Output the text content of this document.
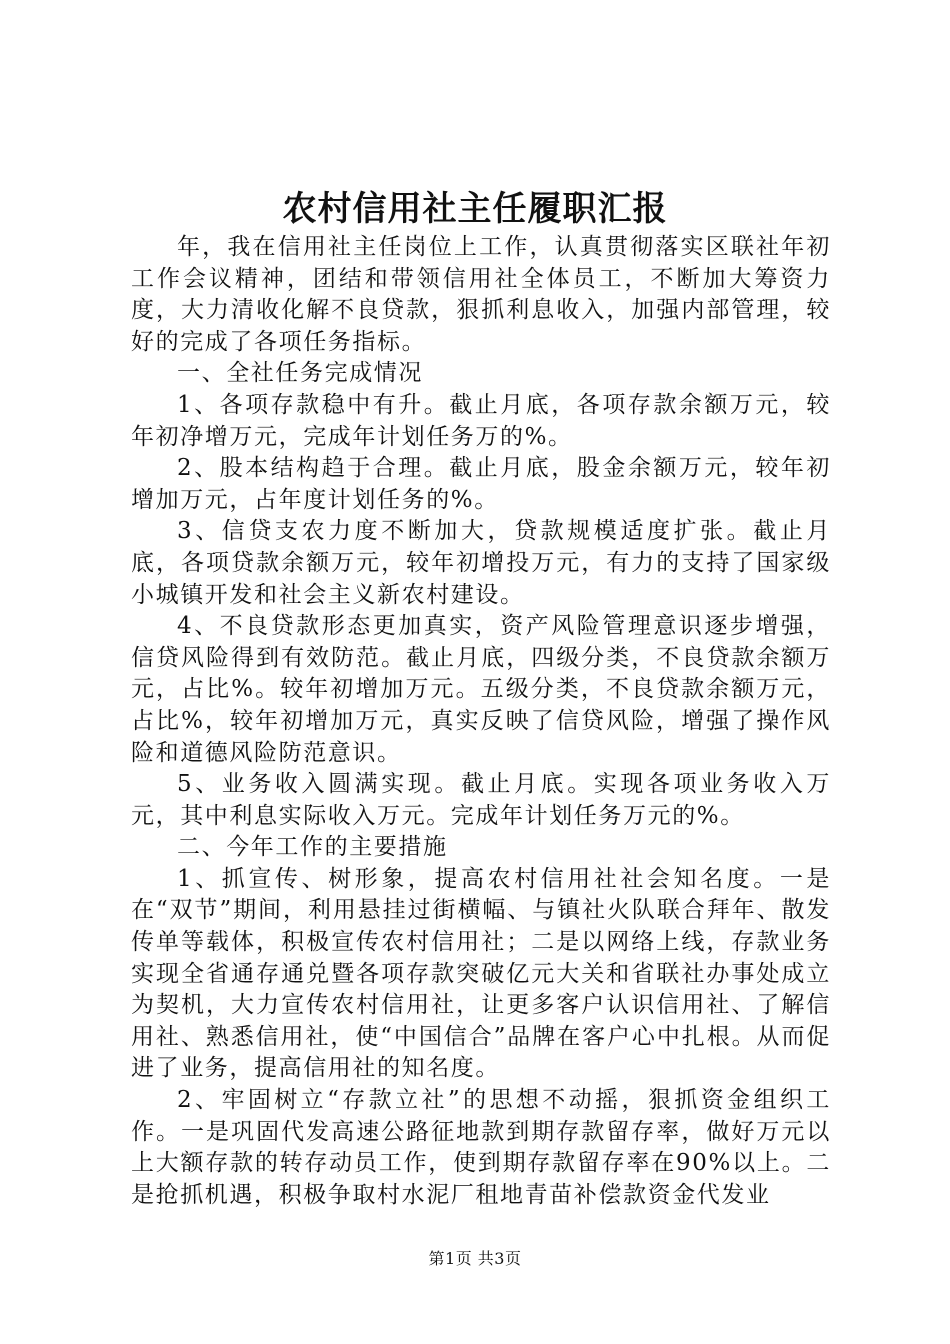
农村信用社主任履职汇报

年，我在信用社主任岗位上工作，认真贯彻落实区联社年初工作会议精神，团结和带领信用社全体员工，不断加大筹资力度，大力清收化解不良贷款，狠抓利息收入，加强内部管理，较好的完成了各项任务指标。

一、全社任务完成情况

1、各项存款稳中有升。截止月底，各项存款余额万元，较年初净增万元，完成年计划任务万的%。

2、股本结构趋于合理。截止月底，股金余额万元，较年初增加万元，占年度计划任务的%。

3、信贷支农力度不断加大，贷款规模适度扩张。截止月底，各项贷款余额万元，较年初增投万元，有力的支持了国家级小城镇开发和社会主义新农村建设。

4、不良贷款形态更加真实，资产风险管理意识逐步增强，信贷风险得到有效防范。截止月底，四级分类，不良贷款余额万元，占比%。较年初增加万元。五级分类，不良贷款余额万元，占比%，较年初增加万元，真实反映了信贷风险，增强了操作风险和道德风险防范意识。

5、业务收入圆满实现。截止月底。实现各项业务收入万元，其中利息实际收入万元。完成年计划任务万元的%。

二、今年工作的主要措施

1、抓宣传、树形象，提高农村信用社社会知名度。一是在“双节”期间，利用悬挂过街横幅、与镇社火队联合拜年、散发传单等载体，积极宣传农村信用社；二是以网络上线，存款业务实现全省通存通兑暨各项存款突破亿元大关和省联社办事处成立为契机，大力宣传农村信用社，让更多客户认识信用社、了解信用社、熟悉信用社，使“中国信合”品牌在客户心中扎根。从而促进了业务，提高信用社的知名度。

2、牢固树立“存款立社”的思想不动摇，狠抓资金组织工作。一是巩固代发高速公路征地款到期存款留存率，做好万元以上大额存款的转存动员工作，使到期存款留存率在90%以上。二是抢抓机遇，积极争取村水泥厂租地青苗补偿款资金代发业

第1页 共3页
